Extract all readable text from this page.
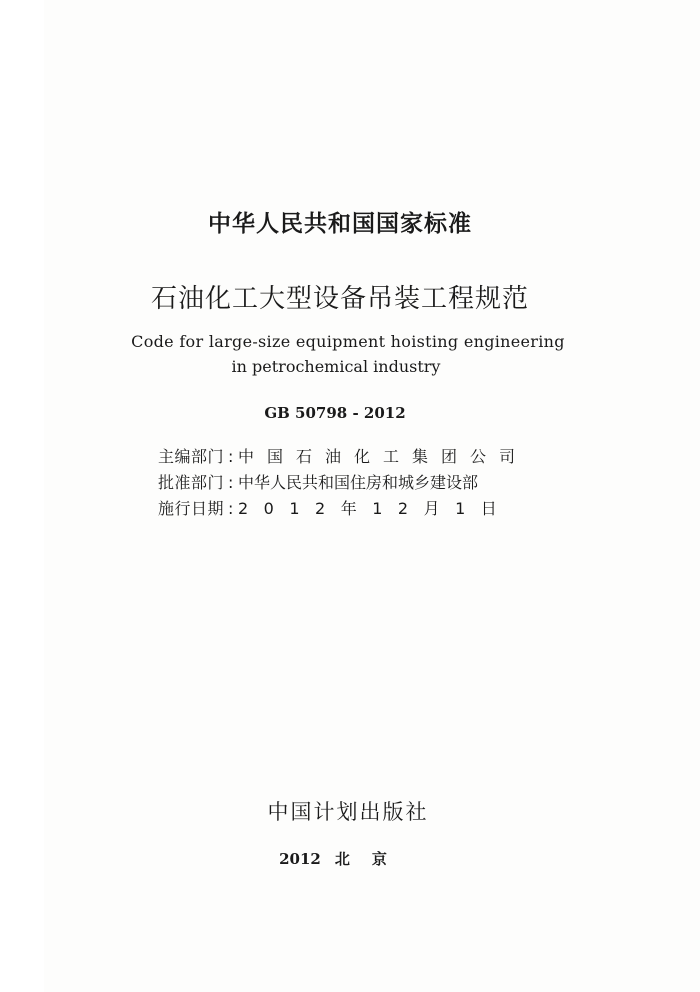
中华人民共和国国家标准
石油化工大型设备吊装工程规范
Code for large-size equipment hoisting engineering
in petrochemical industry
GB 50798 - 2012
主编部门 : 中国石油化工集团公司
批准部门 : 中华人民共和国住房和城乡建设部
施行日期 : 2012年12月1日
中国计划出版社
2012 北京
